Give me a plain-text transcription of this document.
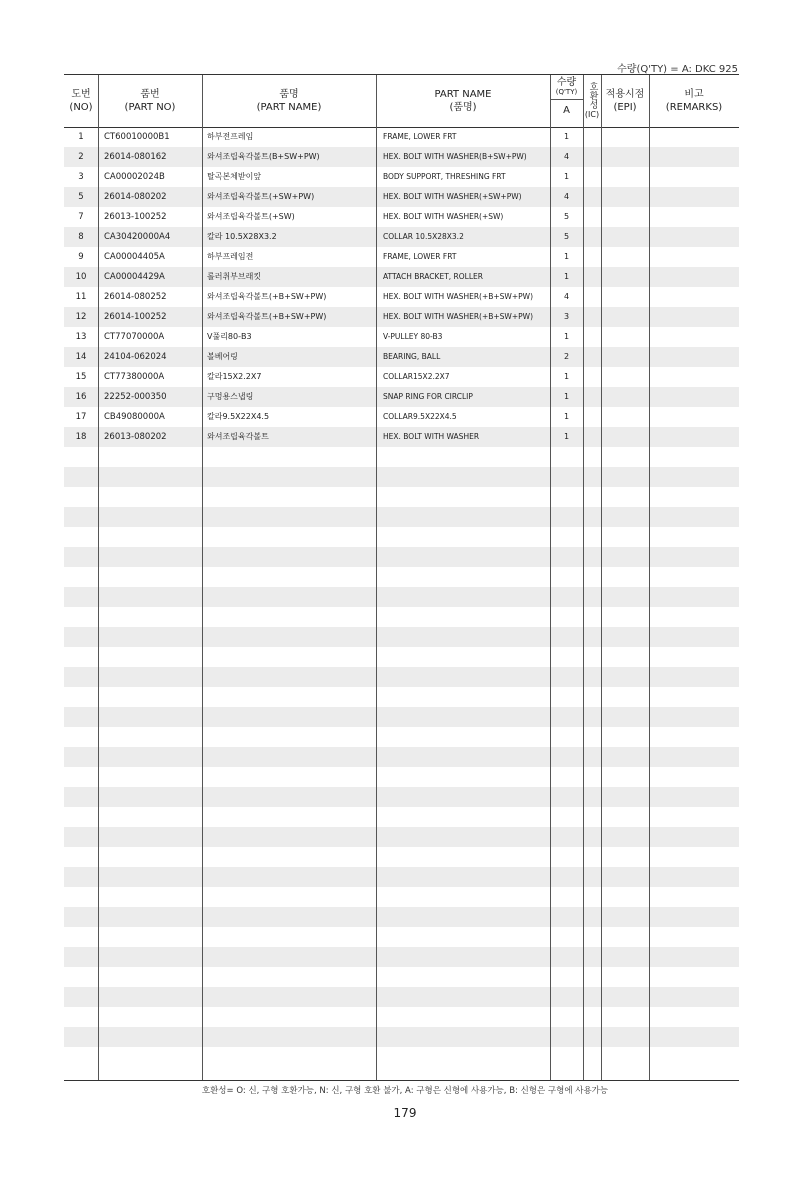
수량(Q'TY) = A: DKC 925
도번
(NO)
품번
(PART NO)
품명
(PART NAME)
PART NAME
(품명)
수량
(Q'TY)
A
호환성
(IC)
적용시점
(EPI)
비고
(REMARKS)
1	CT60010000B1	하부전프레임	FRAME, LOWER FRT	1
2	26014-080162	와셔조립육각볼트(B+SW+PW)	HEX. BOLT WITH WASHER(B+SW+PW)	4
3	CA00002024B	탈곡본체받이앞	BODY SUPPORT, THRESHING FRT	1
5	26014-080202	와셔조립육각볼트(+SW+PW)	HEX. BOLT WITH WASHER(+SW+PW)	4
7	26013-100252	와셔조립육각볼트(+SW)	HEX. BOLT WITH WASHER(+SW)	5
8	CA30420000A4	칼라 10.5X28X3.2	COLLAR 10.5X28X3.2	5
9	CA00004405A	하부프레임전	FRAME, LOWER FRT	1
10	CA00004429A	롤러취부브래킷	ATTACH BRACKET, ROLLER	1
11	26014-080252	와셔조립육각볼트(+B+SW+PW)	HEX. BOLT WITH WASHER(+B+SW+PW)	4
12	26014-100252	와셔조립육각볼트(+B+SW+PW)	HEX. BOLT WITH WASHER(+B+SW+PW)	3
13	CT77070000A	V풀리80-B3	V-PULLEY 80-B3	1
14	24104-062024	볼베어링	BEARING, BALL	2
15	CT77380000A	칼라15X2.2X7	COLLAR15X2.2X7	1
16	22252-000350	구멍용스냅링	SNAP RING FOR CIRCLIP	1
17	CB49080000A	칼라9.5X22X4.5	COLLAR9.5X22X4.5	1
18	26013-080202	와셔조립육각볼트	HEX. BOLT WITH WASHER	1
호환성= O: 신, 구형 호환가능, N: 신, 구형 호환 불가, A: 구형은 신형에 사용가능, B: 신형은 구형에 사용가능
179
